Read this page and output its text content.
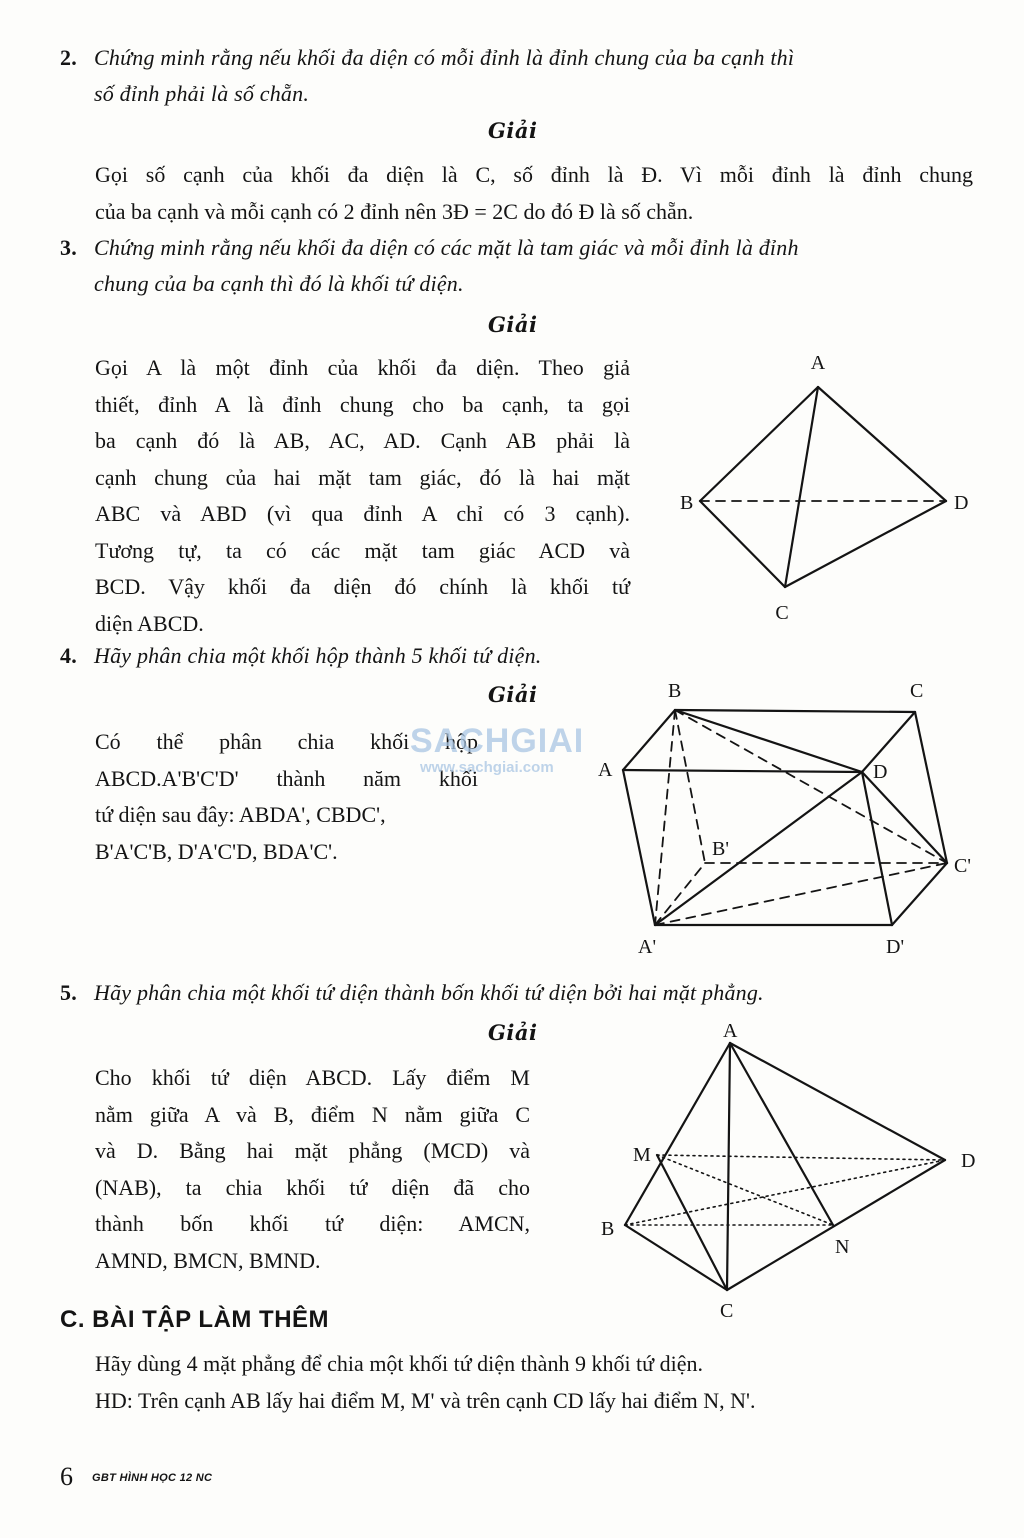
2. Chứng minh rằng nếu khối đa diện có mỗi đỉnh là đỉnh chung của ba cạnh thì
số đỉnh phải là số chẵn.
Giải
Gọi số cạnh của khối đa diện là C, số đỉnh là Đ. Vì mỗi đỉnh là đỉnh chung
của ba cạnh và mỗi cạnh có 2 đỉnh nên 3Đ = 2C do đó Đ là số chẵn.
3. Chứng minh rằng nếu khối đa diện có các mặt là tam giác và mỗi đỉnh là đỉnh
chung của ba cạnh thì đó là khối tứ diện.
Giải
Gọi A là một đỉnh của khối đa diện. Theo giả
thiết, đỉnh A là đỉnh chung cho ba cạnh, ta gọi
ba cạnh đó là AB, AC, AD. Cạnh AB phải là
cạnh chung của hai mặt tam giác, đó là hai mặt
ABC và ABD (vì qua đỉnh A chỉ có 3 cạnh).
Tương tự, ta có các mặt tam giác ACD và
BCD. Vậy khối đa diện đó chính là khối tứ
diện ABCD.
A
B	D
C
4. Hãy phân chia một khối hộp thành 5 khối tứ diện.
Giải
Có thể phân chia khối hộp
ABCD.A'B'C'D' thành năm khối
tứ diện sau đây: ABDA', CBDC',
B'A'C'B, D'A'C'D, BDA'C'.
B	C
A	D
B'
C'
A'	D'
5. Hãy phân chia một khối tứ diện thành bốn khối tứ diện bởi hai mặt phẳng.
Giải
Cho khối tứ diện ABCD. Lấy điểm M
nằm giữa A và B, điểm N nằm giữa C
và D. Bằng hai mặt phẳng (MCD) và
(NAB), ta chia khối tứ diện đã cho
thành bốn khối tứ diện: AMCN,
AMND, BMCN, BMND.
A
M
B
D
N
C
C. BÀI TẬP LÀM THÊM
Hãy dùng 4 mặt phẳng để chia một khối tứ diện thành 9 khối tứ diện.
HD: Trên cạnh AB lấy hai điểm M, M' và trên cạnh CD lấy hai điểm N, N'.
SACHGIAI
www.sachgiai.com
6 GBT HÌNH HỌC 12 NC
